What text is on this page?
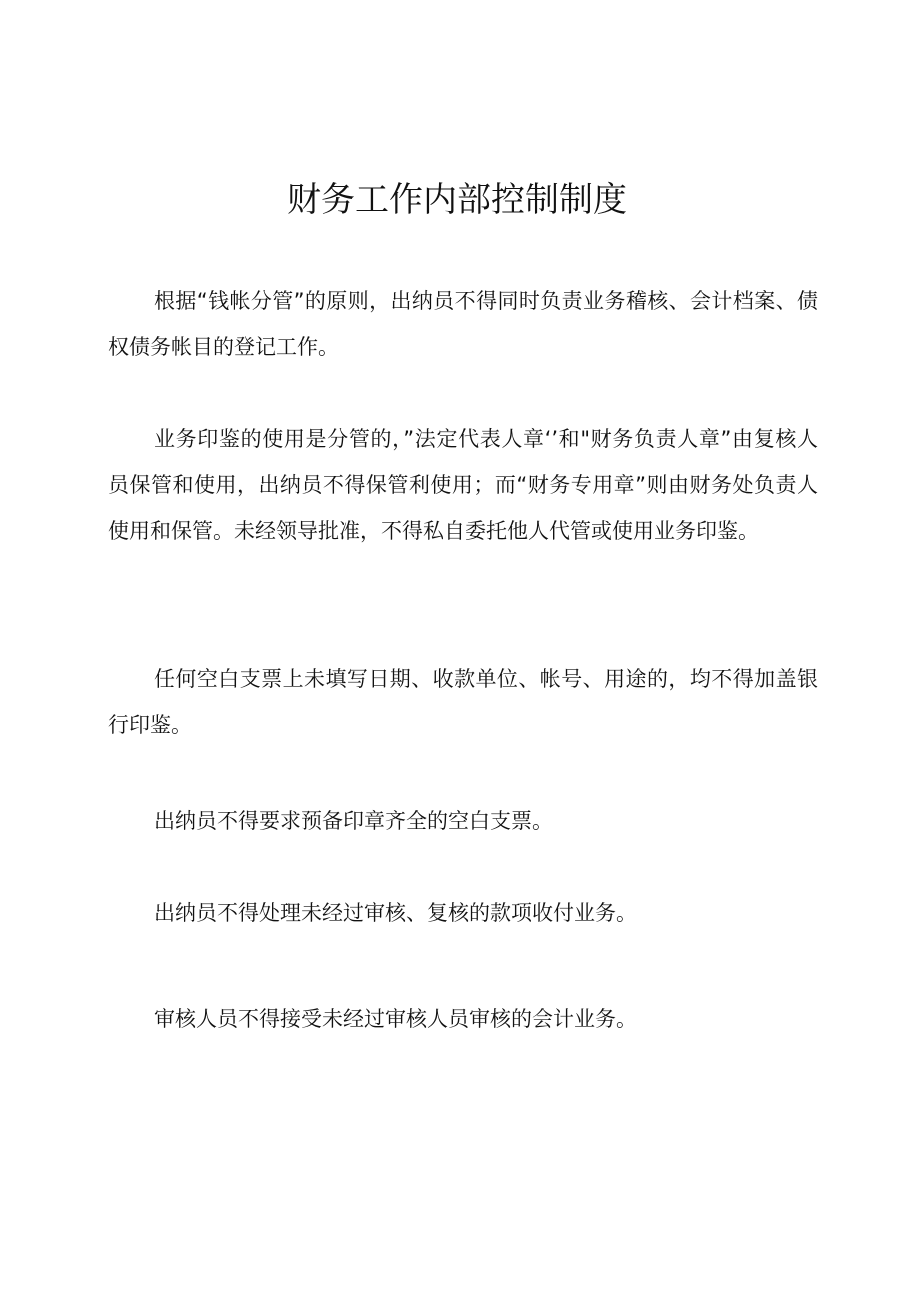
财务工作内部控制制度

根据“钱帐分管”的原则，出纳员不得同时负责业务稽核、会计档案、债权债务帐目的登记工作。

业务印鉴的使用是分管的，”法定代表人章‘’和"财务负责人章”由复核人员保管和使用，出纳员不得保管利使用；而“财务专用章”则由财务处负责人使用和保管。未经领导批准，不得私自委托他人代管或使用业务印鉴。

任何空白支票上未填写日期、收款单位、帐号、用途的，均不得加盖银行印鉴。

出纳员不得要求预备印章齐全的空白支票。

出纳员不得处理未经过审核、复核的款项收付业务。

审核人员不得接受未经过审核人员审核的会计业务。
